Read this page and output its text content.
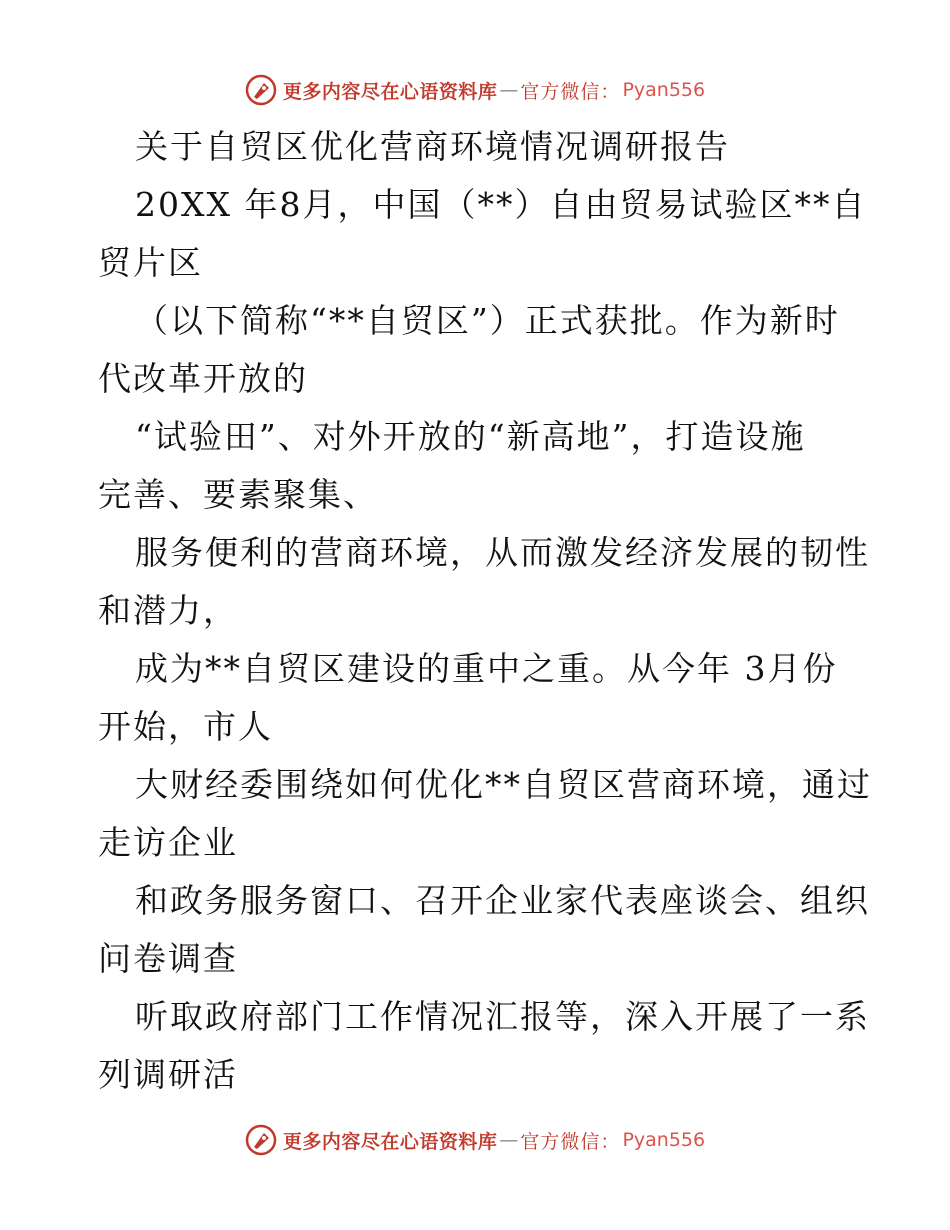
更多内容尽在心语资料库 — 官方微信： Pyan556
关于自贸区优化营商环境情况调研报告
20XX 年8月，中国（**）自由贸易试验区**自
贸片区
（以下简称“**自贸区”）正式获批。作为新时
代改革开放的
“试验田”、对外开放的“新高地”，打造设施
完善、要素聚集、
服务便利的营商环境，从而激发经济发展的韧性
和潜力，
成为**自贸区建设的重中之重。从今年 3月份
开始，市人
大财经委围绕如何优化**自贸区营商环境，通过
走访企业
和政务服务窗口、召开企业家代表座谈会、组织
问卷调查
听取政府部门工作情况汇报等，深入开展了一系
列调研活
更多内容尽在心语资料库 — 官方微信： Pyan556
